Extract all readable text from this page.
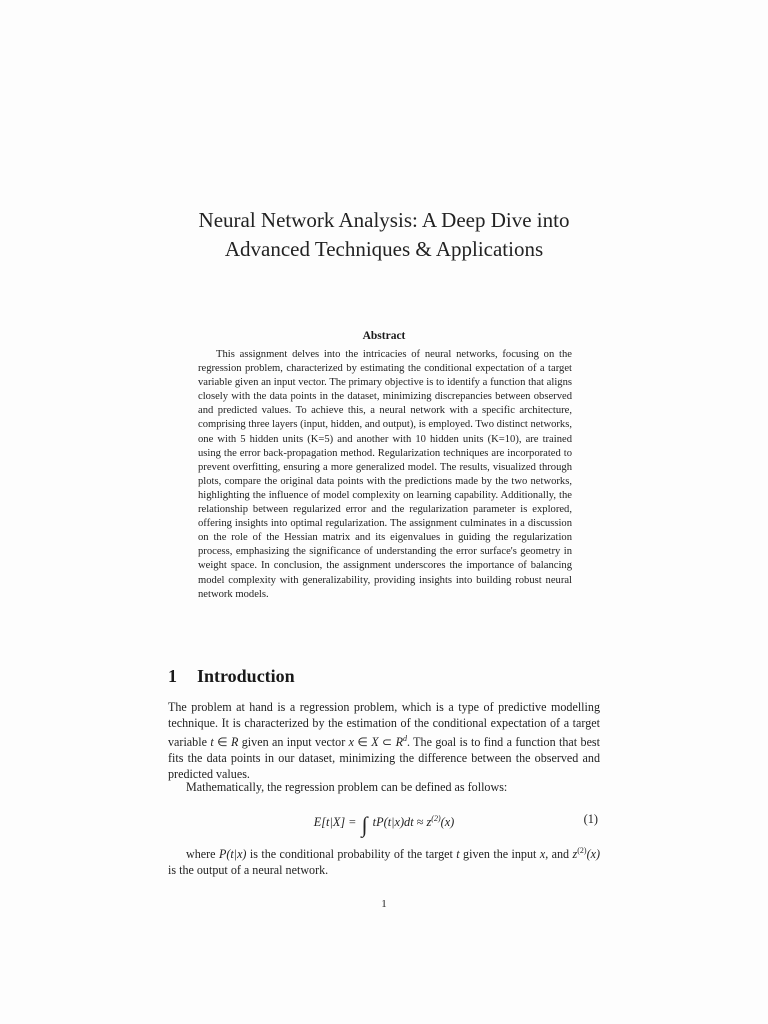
Neural Network Analysis: A Deep Dive into
Advanced Techniques & Applications
Abstract

This assignment delves into the intricacies of neural networks, focusing on the regression problem, characterized by estimating the conditional expectation of a target variable given an input vector. The primary objective is to identify a function that aligns closely with the data points in the dataset, minimizing discrepancies between observed and predicted values. To achieve this, a neural network with a specific architecture, comprising three layers (input, hidden, and output), is employed. Two distinct networks, one with 5 hidden units (K=5) and another with 10 hidden units (K=10), are trained using the error back-propagation method. Regularization techniques are incorporated to prevent overfitting, ensuring a more generalized model. The results, visualized through plots, compare the original data points with the predictions made by the two networks, highlighting the influence of model complexity on learning capability. Additionally, the relationship between regularized error and the regularization parameter is explored, offering insights into optimal regularization. The assignment culminates in a discussion on the role of the Hessian matrix and its eigenvalues in guiding the regularization process, emphasizing the significance of understanding the error surface's geometry in weight space. In conclusion, the assignment underscores the importance of balancing model complexity with generalizability, providing insights into building robust neural network models.

1 Introduction

The problem at hand is a regression problem, which is a type of predictive modelling technique. It is characterized by the estimation of the conditional expectation of a target variable t ∈ R given an input vector x ∈ X ⊂ $R^d$. The goal is to find a function that best fits the data points in our dataset, minimizing the difference between the observed and predicted values.

Mathematically, the regression problem can be defined as follows:

E[t|X] = ∫ $tP(t|x)dt \approx z^{(2)}(x)$	(1)

where P(t|x) is the conditional probability of the target t given the input x, and $z^{(2)}(x)$ is the output of a neural network.

1
